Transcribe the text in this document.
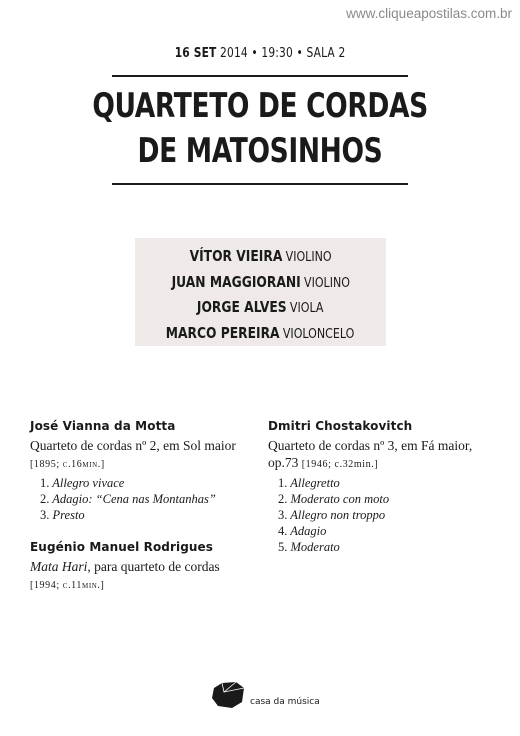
www.cliqueapostilas.com.br
16 SET 2014 • 19:30 • SALA 2
QUARTETO DE CORDAS
DE MATOSINHOS
VÍTOR VIEIRA VIOLINO
JUAN MAGGIORANI VIOLINO
JORGE ALVES VIOLA
MARCO PEREIRA VIOLONCELO
José Vianna da Motta
Quarteto de cordas nº 2, em Sol maior
[1895; c.16min.]
1. Allegro vivace
2. Adagio: “Cena nas Montanhas”
3. Presto
Eugénio Manuel Rodrigues
Mata Hari, para quarteto de cordas
[1994; c.11min.]
Dmitri Chostakovitch
Quarteto de cordas nº 3, em Fá maior,
op.73 [1946; c.32min.]
1. Allegretto
2. Moderato con moto
3. Allegro non troppo
4. Adagio
5. Moderato
casa da música
